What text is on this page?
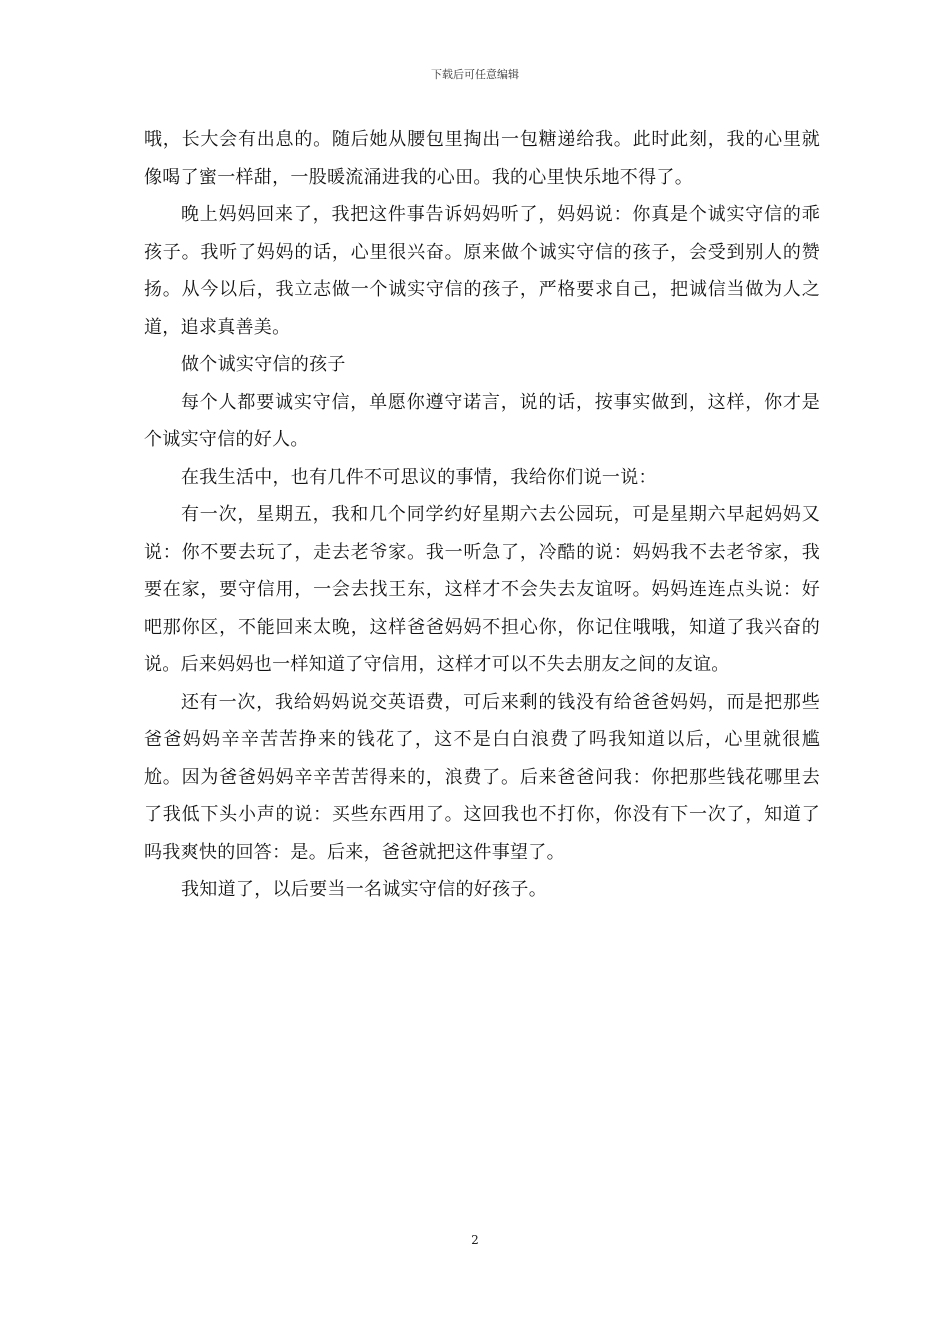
下载后可任意编辑

哦，长大会有出息的。随后她从腰包里掏出一包糖递给我。此时此刻，我的心里就像喝了蜜一样甜，一股暖流涌进我的心田。我的心里快乐地不得了。

晚上妈妈回来了，我把这件事告诉妈妈听了，妈妈说：你真是个诚实守信的乖孩子。我听了妈妈的话，心里很兴奋。原来做个诚实守信的孩子，会受到别人的赞扬。从今以后，我立志做一个诚实守信的孩子，严格要求自己，把诚信当做为人之道，追求真善美。

做个诚实守信的孩子

每个人都要诚实守信，单愿你遵守诺言，说的话，按事实做到，这样，你才是个诚实守信的好人。

在我生活中，也有几件不可思议的事情，我给你们说一说：

有一次，星期五，我和几个同学约好星期六去公园玩，可是星期六早起妈妈又说：你不要去玩了，走去老爷家。我一听急了，冷酷的说：妈妈我不去老爷家，我要在家，要守信用，一会去找王东，这样才不会失去友谊呀。妈妈连连点头说：好吧那你区，不能回来太晚，这样爸爸妈妈不担心你，你记住哦哦，知道了我兴奋的说。后来妈妈也一样知道了守信用，这样才可以不失去朋友之间的友谊。

还有一次，我给妈妈说交英语费，可后来剩的钱没有给爸爸妈妈，而是把那些爸爸妈妈辛辛苦苦挣来的钱花了，这不是白白浪费了吗我知道以后，心里就很尴尬。因为爸爸妈妈辛辛苦苦得来的，浪费了。后来爸爸问我：你把那些钱花哪里去了我低下头小声的说：买些东西用了。这回我也不打你，你没有下一次了，知道了吗我爽快的回答：是。后来，爸爸就把这件事望了。

我知道了，以后要当一名诚实守信的好孩子。

2
